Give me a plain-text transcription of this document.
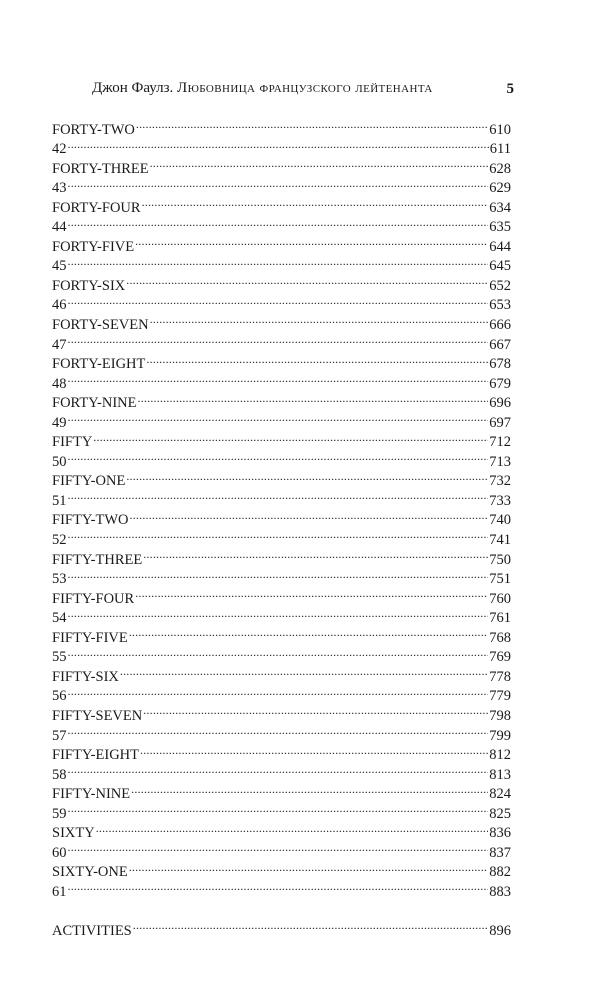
Джон Фаулз. Любовница французского лейтенанта	5
FORTY-TWO .....	610
42 .....	611
FORTY-THREE .....	628
43 .....	629
FORTY-FOUR .....	634
44 .....	635
FORTY-FIVE .....	644
45 .....	645
FORTY-SIX .....	652
46 .....	653
FORTY-SEVEN .....	666
47 .....	667
FORTY-EIGHT .....	678
48 .....	679
FORTY-NINE .....	696
49 .....	697
FIFTY .....	712
50 .....	713
FIFTY-ONE .....	732
51 .....	733
FIFTY-TWO .....	740
52 .....	741
FIFTY-THREE .....	750
53 .....	751
FIFTY-FOUR .....	760
54 .....	761
FIFTY-FIVE .....	768
55 .....	769
FIFTY-SIX .....	778
56 .....	779
FIFTY-SEVEN .....	798
57 .....	799
FIFTY-EIGHT .....	812
58 .....	813
FIFTY-NINE .....	824
59 .....	825
SIXTY .....	836
60 .....	837
SIXTY-ONE .....	882
61 .....	883
ACTIVITIES .....	896
